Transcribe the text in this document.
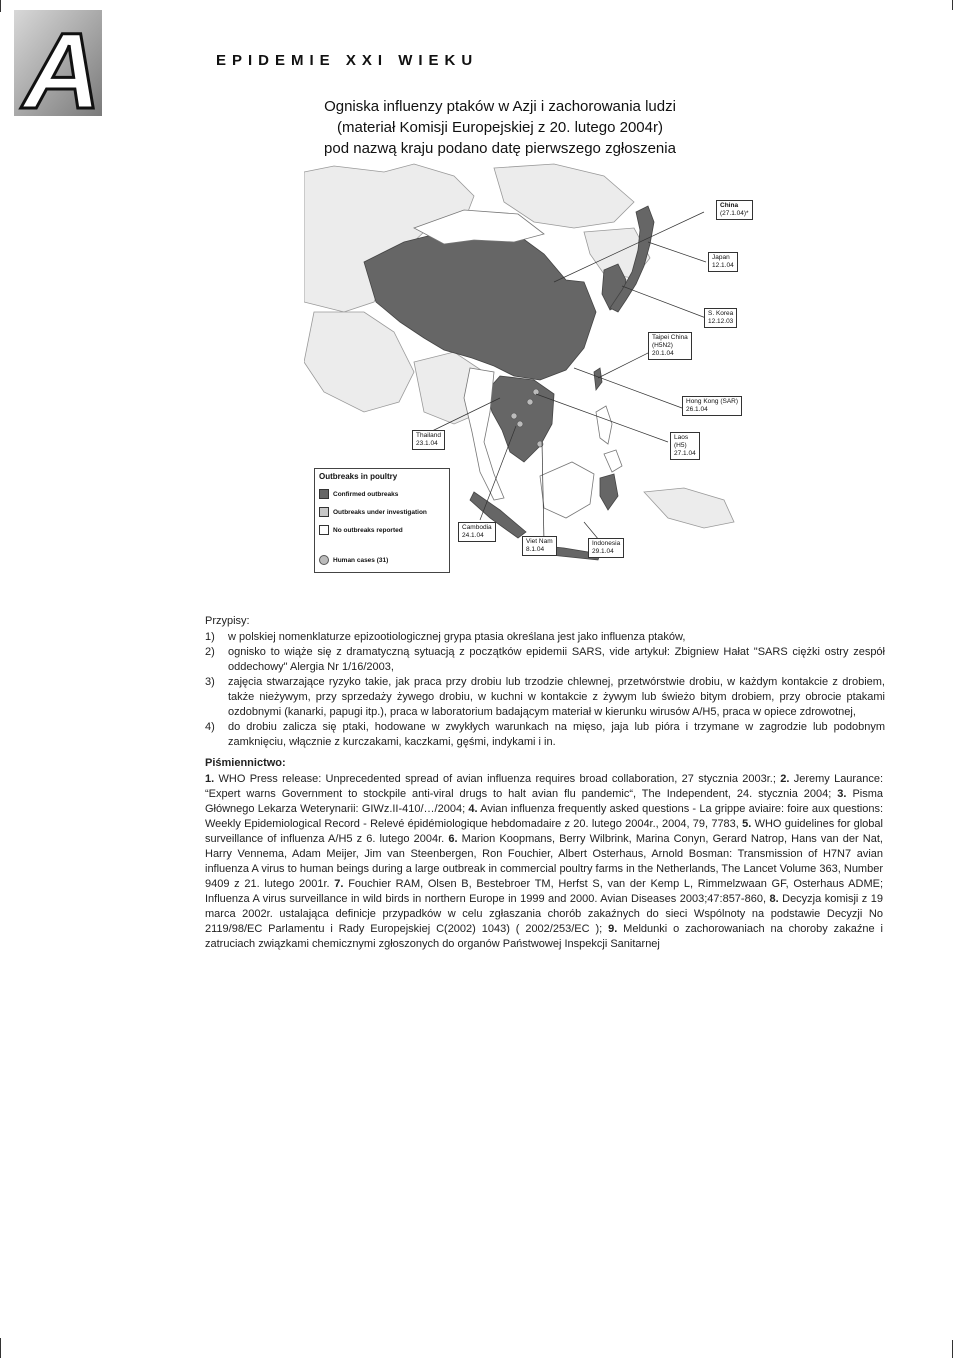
A	EPIDEMIE XXI WIEKU
Ogniska influenzy ptaków w Azji i zachorowania ludzi
(materiał Komisji Europejskiej z 20. lutego 2004r)
pod nazwą kraju podano datę pierwszego zgłoszenia
China
(27.1.04)*
Japan
12.1.04
S. Korea
12.12.03
Taipei China
(H5N2)
20.1.04
Hong Kong (SAR)
26.1.04
Laos
(H5)
27.1.04
Thailand
23.1.04
Cambodia
24.1.04
Viet Nam
8.1.04
Indonesia
29.1.04
Outbreaks in poultry
Confirmed outbreaks
Outbreaks under investigation
No outbreaks reported
Human cases (31)
Przypisy:
1) w polskiej nomenklaturze epizootiologicznej grypa ptasia określana jest jako influenza ptaków,
2) ognisko to wiąże się z dramatyczną sytuacją z początków epidemii SARS, vide artykuł: Zbigniew Hałat "SARS ciężki ostry zespół oddechowy" Alergia Nr 1/16/2003,
3) zajęcia stwarzające ryzyko takie, jak praca przy drobiu lub trzodzie chlewnej, przetwórstwie drobiu, w każdym kontakcie z drobiem, także nieżywym, przy sprzedaży żywego drobiu, w kuchni w kontakcie z żywym lub świeżo bitym drobiem, przy obrocie ptakami ozdobnymi (kanarki, papugi itp.), praca w laboratorium badającym materiał w kierunku wirusów A/H5, praca w opiece zdrowotnej,
4) do drobiu zalicza się ptaki, hodowane w zwykłych warunkach na mięso, jaja lub pióra i trzymane w zagrodzie lub podobnym zamknięciu, włącznie z kurczakami, kaczkami, gęśmi, indykami i in.
Piśmiennictwo:
1. WHO Press release: Unprecedented spread of avian influenza requires broad collaboration, 27 stycznia 2003r.; 2. Jeremy Laurance: “Expert warns Government to stockpile anti-viral drugs to halt avian flu pandemic“, The Independent, 24. stycznia 2004; 3. Pisma Głównego Lekarza Weterynarii: GIWz.II-410/…/2004; 4. Avian influenza frequently asked questions - La grippe aviaire: foire aux questions: Weekly Epidemiological Record - Relevé épidémiologique hebdomadaire z 20. lutego 2004r., 2004, 79, 7783, 5. WHO guidelines for global surveillance of influenza A/H5 z 6. lutego 2004r. 6. Marion Koopmans, Berry Wilbrink, Marina Conyn, Gerard Natrop, Hans van der Nat, Harry Vennema, Adam Meijer, Jim van Steenbergen, Ron Fouchier, Albert Osterhaus, Arnold Bosman: Transmission of H7N7 avian influenza A virus to human beings during a large outbreak in commercial poultry farms in the Netherlands, The Lancet Volume 363, Number 9409 z 21. lutego 2001r. 7. Fouchier RAM, Olsen B, Bestebroer TM, Herfst S, van der Kemp L, Rimmelzwaan GF, Osterhaus ADME; Influenza A virus surveillance in wild birds in northern Europe in 1999 and 2000. Avian Diseases 2003;47:857-860, 8. Decyzja komisji z 19 marca 2002r. ustalająca definicje przypadków w celu zgłaszania chorób zakaźnych do sieci Wspólnoty na podstawie Decyzji No 2119/98/EC Parlamentu i Rady Europejskiej C(2002) 1043) ( 2002/253/EC ); 9. Meldunki o zachorowaniach na choroby zakaźne i zatruciach związkami chemicznymi zgłoszonych do organów Państwowej Inspekcji Sanitarnej
